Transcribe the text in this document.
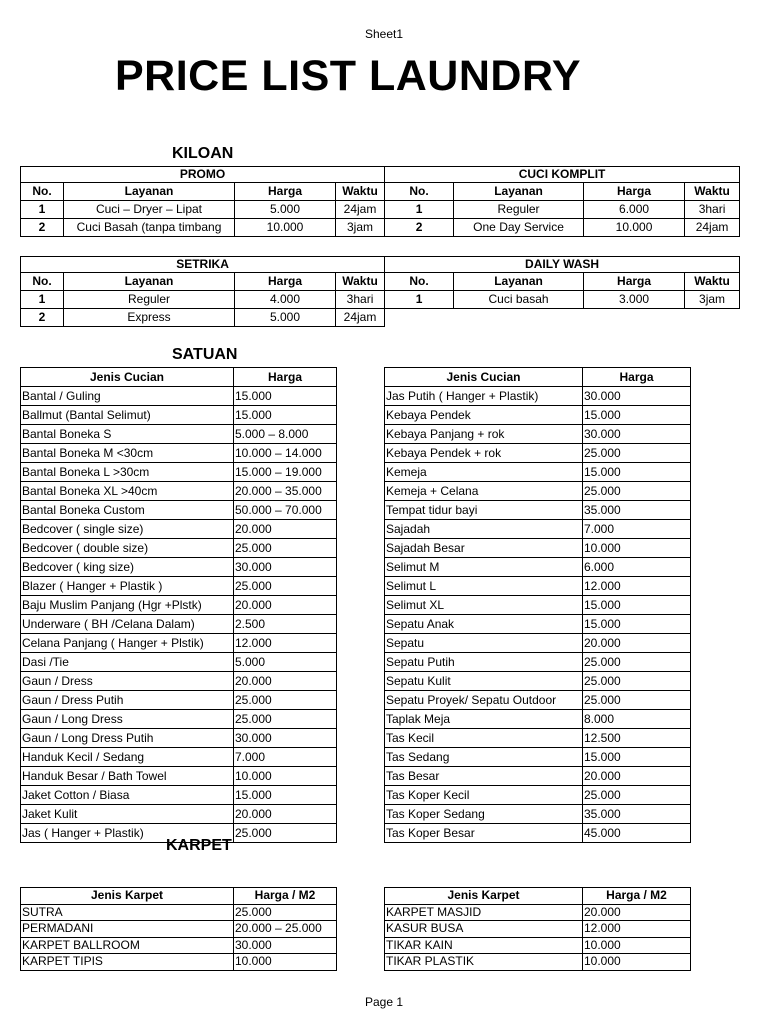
Sheet1
PRICE LIST LAUNDRY
KILOAN
PROMO				CUCI KOMPLIT			
No.	Layanan	Harga	Waktu	No.	Layanan	Harga	Waktu
1	Cuci – Dryer – Lipat	5.000	24jam	1	Reguler	6.000	3hari
2	Cuci Basah (tanpa timbang	10.000	3jam	2	One Day Service	10.000	24jam
SETRIKA				DAILY WASH			
No.	Layanan	Harga	Waktu	No.	Layanan	Harga	Waktu
1	Reguler	4.000	3hari	1	Cuci basah	3.000	3jam
2	Express	5.000	24jam				
SATUAN
Jenis Cucian	Harga
Bantal / Guling	15.000
Ballmut (Bantal Selimut)	15.000
Bantal Boneka S	5.000 – 8.000
Bantal Boneka M <30cm	10.000 – 14.000
Bantal Boneka L >30cm	15.000 – 19.000
Bantal Boneka XL >40cm	20.000 – 35.000
Bantal Boneka Custom	50.000 – 70.000
Bedcover ( single size)	20.000
Bedcover ( double size)	25.000
Bedcover ( king size)	30.000
Blazer ( Hanger + Plastik )	25.000
Baju Muslim Panjang (Hgr +Plstk)	20.000
Underware ( BH /Celana Dalam)	2.500
Celana Panjang ( Hanger + Plstik)	12.000
Dasi /Tie	5.000
Gaun / Dress	20.000
Gaun / Dress Putih	25.000
Gaun / Long Dress	25.000
Gaun / Long Dress Putih	30.000
Handuk Kecil / Sedang	7.000
Handuk Besar / Bath Towel	10.000
Jaket Cotton / Biasa	15.000
Jaket Kulit	20.000
Jas ( Hanger + Plastik)	25.000
Jenis Cucian	Harga
Jas Putih ( Hanger + Plastik)	30.000
Kebaya Pendek	15.000
Kebaya Panjang + rok	30.000
Kebaya Pendek + rok	25.000
Kemeja	15.000
Kemeja + Celana	25.000
Tempat tidur bayi	35.000
Sajadah	7.000
Sajadah Besar	10.000
Selimut M	6.000
Selimut L	12.000
Selimut XL	15.000
Sepatu Anak	15.000
Sepatu	20.000
Sepatu Putih	25.000
Sepatu Kulit	25.000
Sepatu Proyek/ Sepatu Outdoor	25.000
Taplak Meja	8.000
Tas Kecil	12.500
Tas Sedang	15.000
Tas Besar	20.000
Tas Koper Kecil	25.000
Tas Koper Sedang	35.000
Tas Koper Besar	45.000
KARPET
Jenis Karpet	Harga / M2
SUTRA	25.000
PERMADANI	20.000 – 25.000
KARPET BALLROOM	30.000
KARPET TIPIS	10.000
Jenis Karpet	Harga / M2
KARPET MASJID	20.000
KASUR BUSA	12.000
TIKAR KAIN	10.000
TIKAR PLASTIK	10.000
Page 1
